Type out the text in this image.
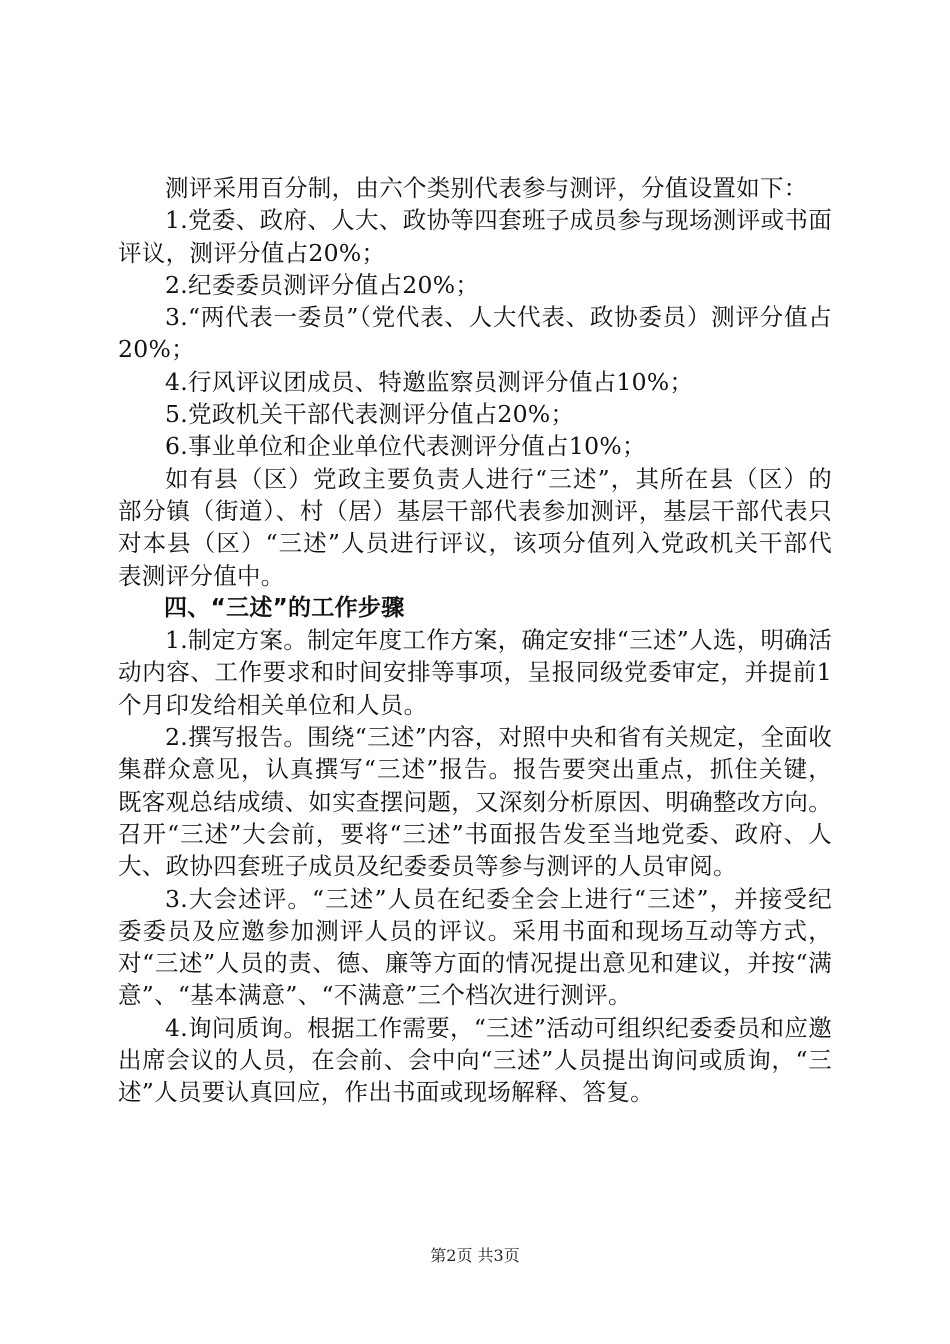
测评采用百分制，由六个类别代表参与测评，分值设置如下：

1.党委、政府、人大、政协等四套班子成员参与现场测评或书面评议，测评分值占20%；

2.纪委委员测评分值占20%；

3.“两代表一委员”（党代表、人大代表、政协委员）测评分值占20%；

4.行风评议团成员、特邀监察员测评分值占10%；

5.党政机关干部代表测评分值占20%；

6.事业单位和企业单位代表测评分值占10%；

如有县（区）党政主要负责人进行“三述”，其所在县（区）的部分镇（街道）、村（居）基层干部代表参加测评，基层干部代表只对本县（区）“三述”人员进行评议，该项分值列入党政机关干部代表测评分值中。

四、“三述”的工作步骤

1.制定方案。制定年度工作方案，确定安排“三述”人选，明确活动内容、工作要求和时间安排等事项，呈报同级党委审定，并提前1个月印发给相关单位和人员。

2.撰写报告。围绕“三述”内容，对照中央和省有关规定，全面收集群众意见，认真撰写“三述”报告。报告要突出重点，抓住关键，既客观总结成绩、如实查摆问题，又深刻分析原因、明确整改方向。召开“三述”大会前，要将“三述”书面报告发至当地党委、政府、人大、政协四套班子成员及纪委委员等参与测评的人员审阅。

3.大会述评。“三述”人员在纪委全会上进行“三述”，并接受纪委委员及应邀参加测评人员的评议。采用书面和现场互动等方式，对“三述”人员的责、德、廉等方面的情况提出意见和建议，并按“满意”、“基本满意”、“不满意”三个档次进行测评。

4.询问质询。根据工作需要，“三述”活动可组织纪委委员和应邀出席会议的人员，在会前、会中向“三述”人员提出询问或质询，“三述”人员要认真回应，作出书面或现场解释、答复。

第2页 共3页
